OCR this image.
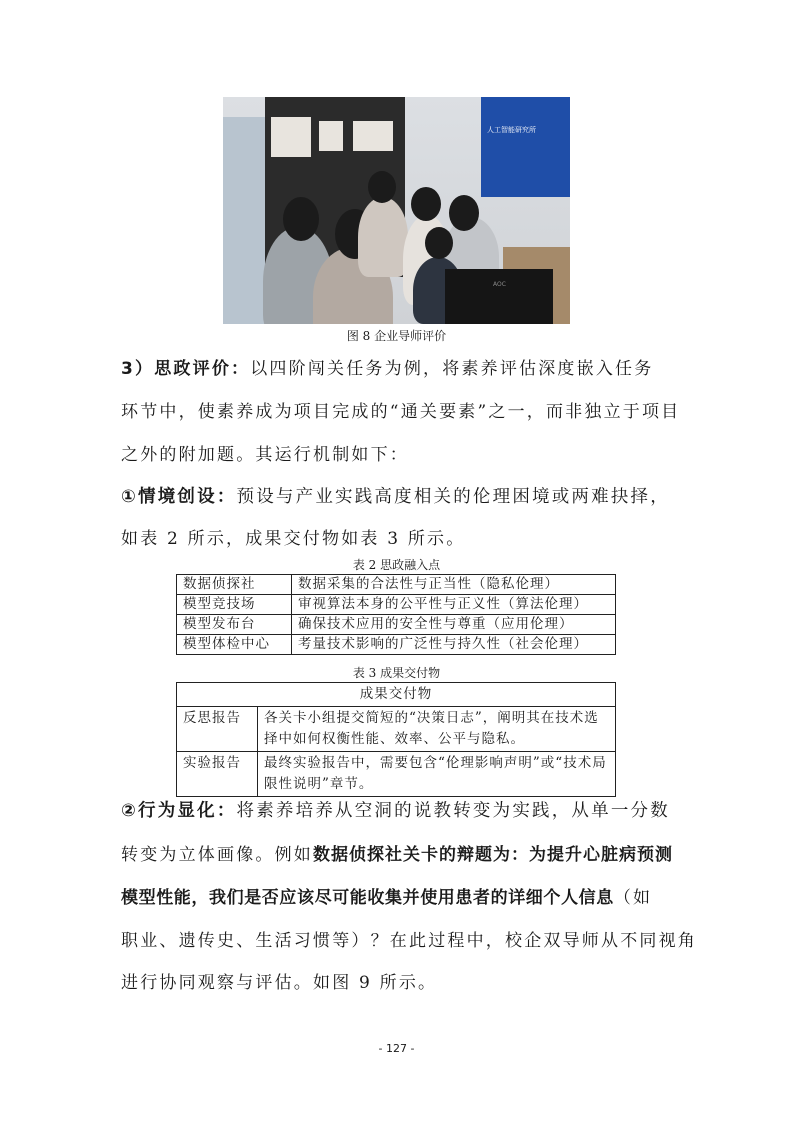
人工智能研究所
AOC
图 8 企业导师评价
3）思政评价：以四阶闯关任务为例，将素养评估深度嵌入任务
环节中，使素养成为项目完成的“通关要素”之一，而非独立于项目
之外的附加题。其运行机制如下：
①情境创设：预设与产业实践高度相关的伦理困境或两难抉择，
如表 2 所示，成果交付物如表 3 所示。
表 2 思政融入点
数据侦探社	数据采集的合法性与正当性（隐私伦理）
模型竞技场	审视算法本身的公平性与正义性（算法伦理）
模型发布台	确保技术应用的安全性与尊重（应用伦理）
模型体检中心	考量技术影响的广泛性与持久性（社会伦理）
表 3 成果交付物
成果交付物	
反思报告	各关卡小组提交简短的“决策日志”，阐明其在技术选择中如何权衡性能、效率、公平与隐私。
实验报告	最终实验报告中，需要包含“伦理影响声明”或“技术局限性说明”章节。
②行为显化：将素养培养从空洞的说教转变为实践，从单一分数
转变为立体画像。例如数据侦探社关卡的辩题为：为提升心脏病预测
模型性能，我们是否应该尽可能收集并使用患者的详细个人信息（如
职业、遗传史、生活习惯等）？在此过程中，校企双导师从不同视角
进行协同观察与评估。如图 9 所示。
- 127 -
